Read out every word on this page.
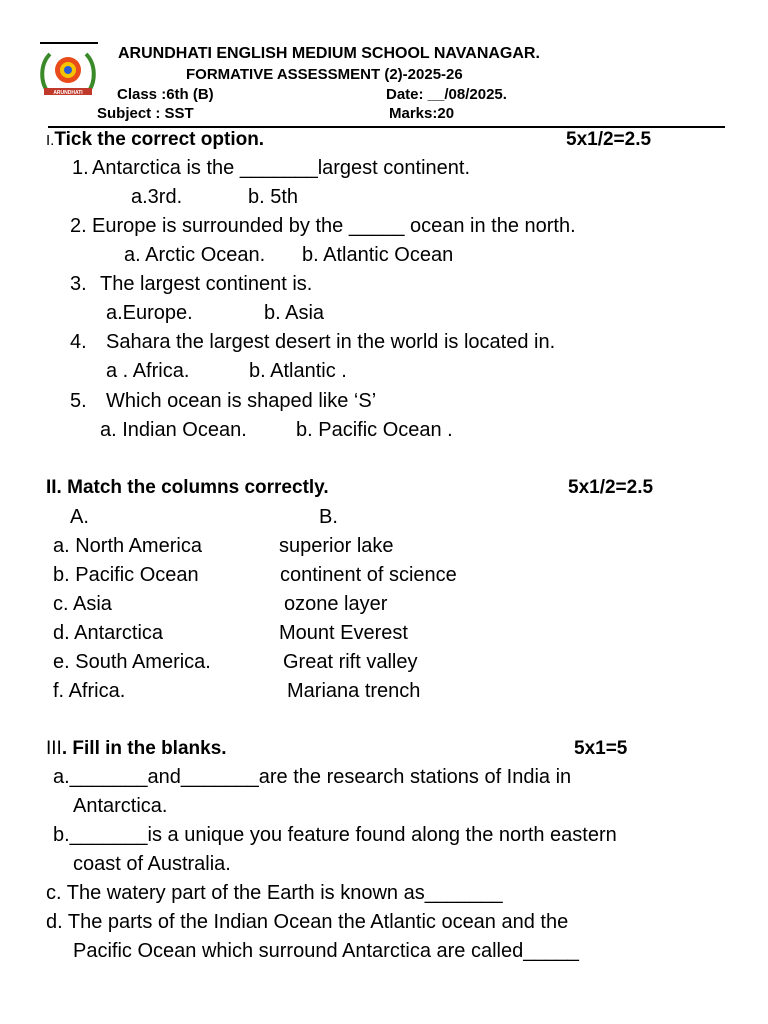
ARUNDHATI
ARUNDHATI ENGLISH MEDIUM SCHOOL NAVANAGAR.
FORMATIVE ASSESSMENT (2)-2025-26
Class :6th (B)	Date: __/08/2025.
Subject : SST	Marks:20
I.Tick the correct option.	5x1/2=2.5
1. Antarctica is the _______largest continent.
a.3rd.	b. 5th
2. Europe is surrounded by the _____ ocean in the north.
a. Arctic Ocean. b. Atlantic Ocean
3. The largest continent is.
a.Europe.	b. Asia
4. Sahara the largest desert in the world is located in.
a . Africa.	b. Atlantic .
5. Which ocean is shaped like ‘S’
a. Indian Ocean. b. Pacific Ocean .
II. Match the columns correctly.	5x1/2=2.5
A.	B.
a. North America	superior lake
b. Pacific Ocean	continent of science
c. Asia	ozone layer
d. Antarctica	Mount Everest
e. South America.	Great rift valley
f. Africa.	Mariana trench
III. Fill in the blanks.	5x1=5
a._______and_______are the research stations of India in
Antarctica.
b._______is a unique you feature found along the north eastern
coast of Australia.
c. The watery part of the Earth is known as_______
d. The parts of the Indian Ocean the Atlantic ocean and the
Pacific Ocean which surround Antarctica are called_____
